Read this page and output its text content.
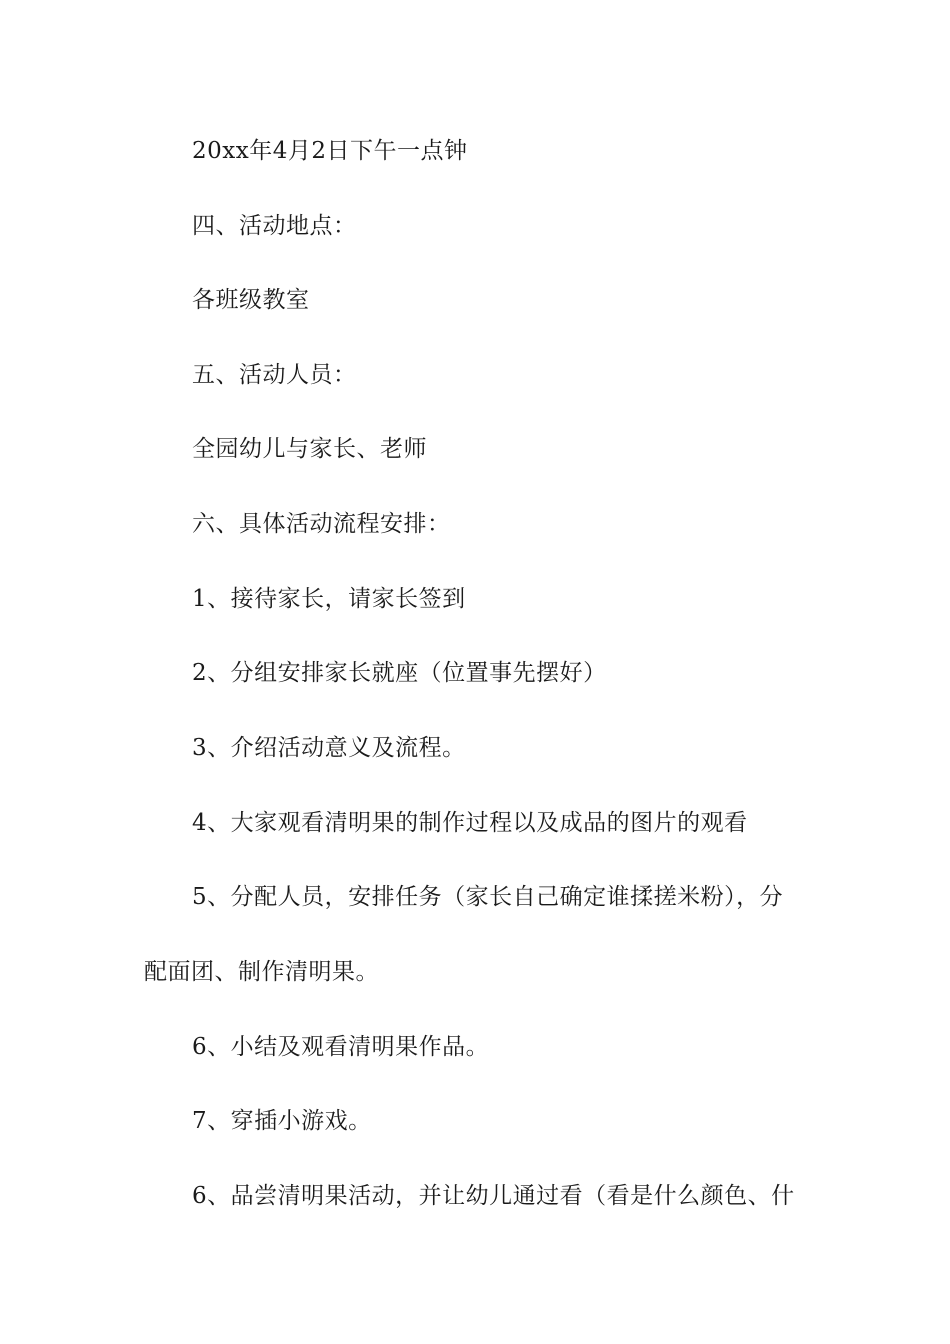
20xx年4月2日下午一点钟
四、活动地点：
各班级教室
五、活动人员：
全园幼儿与家长、老师
六、具体活动流程安排：
1、接待家长，请家长签到
2、分组安排家长就座（位置事先摆好）
3、介绍活动意义及流程。
4、大家观看清明果的制作过程以及成品的图片的观看
5、分配人员，安排任务（家长自己确定谁揉搓米粉），分
配面团、制作清明果。
6、小结及观看清明果作品。
7、穿插小游戏。
6、品尝清明果活动，并让幼儿通过看（看是什么颜色、什
